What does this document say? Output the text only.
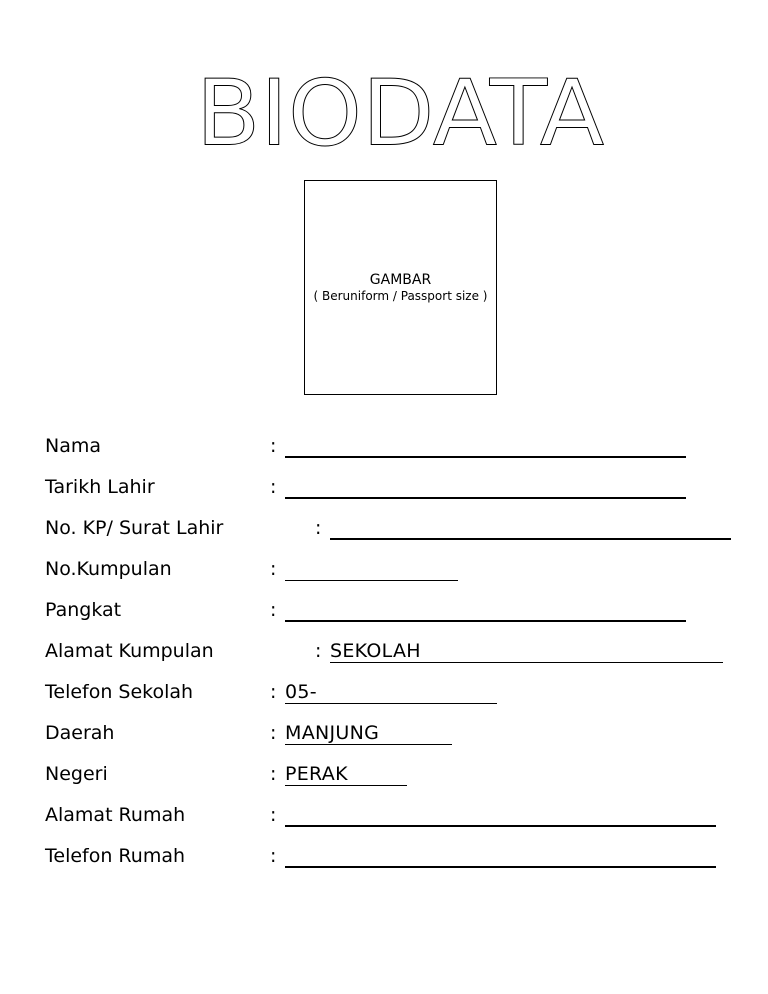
BIODATA
GAMBAR
( Beruniform / Passport size )
Nama	:
Tarikh Lahir	:
No. KP/ Surat Lahir	:
No.Kumpulan	:
Pangkat	:
Alamat Kumpulan	: SEKOLAH
Telefon Sekolah	: 05-
Daerah	: MANJUNG
Negeri	: PERAK
Alamat Rumah	:
Telefon Rumah	:
